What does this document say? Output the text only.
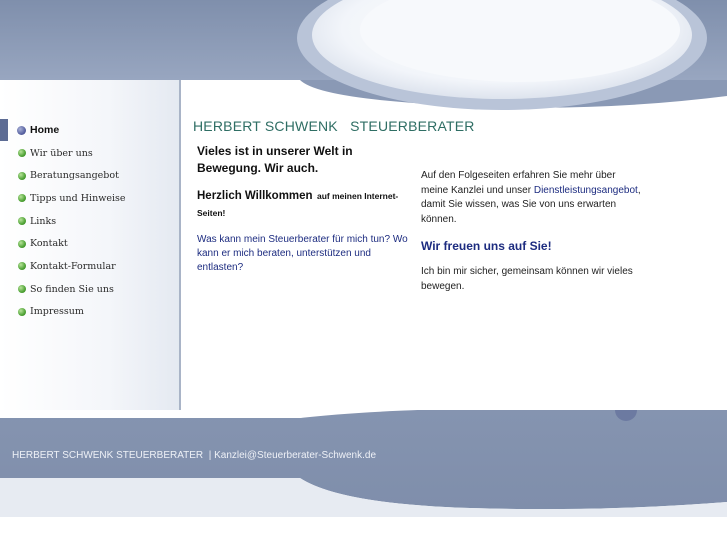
Home
Wir über uns
Beratungsangebot
Tipps und Hinweise
Links
Kontakt
Kontakt-Formular
So finden Sie uns
Impressum
HERBERT SCHWENK STEUERBERATER

Vieles ist in unserer Welt in Bewegung. Wir auch.

Herzlich Willkommen auf meinen Internet-Seiten!

Was kann mein Steuerberater für mich tun? Wo kann er mich beraten, unterstützen und entlasten?

Auf den Folgeseiten erfahren Sie mehr über meine Kanzlei und unser Dienstleistungsangebot, damit Sie wissen, was Sie von uns erwarten können.

Wir freuen uns auf Sie!

Ich bin mir sicher, gemeinsam können wir vieles bewegen.

HERBERT SCHWENK STEUERBERATER | Kanzlei@Steuerberater-Schwenk.de
